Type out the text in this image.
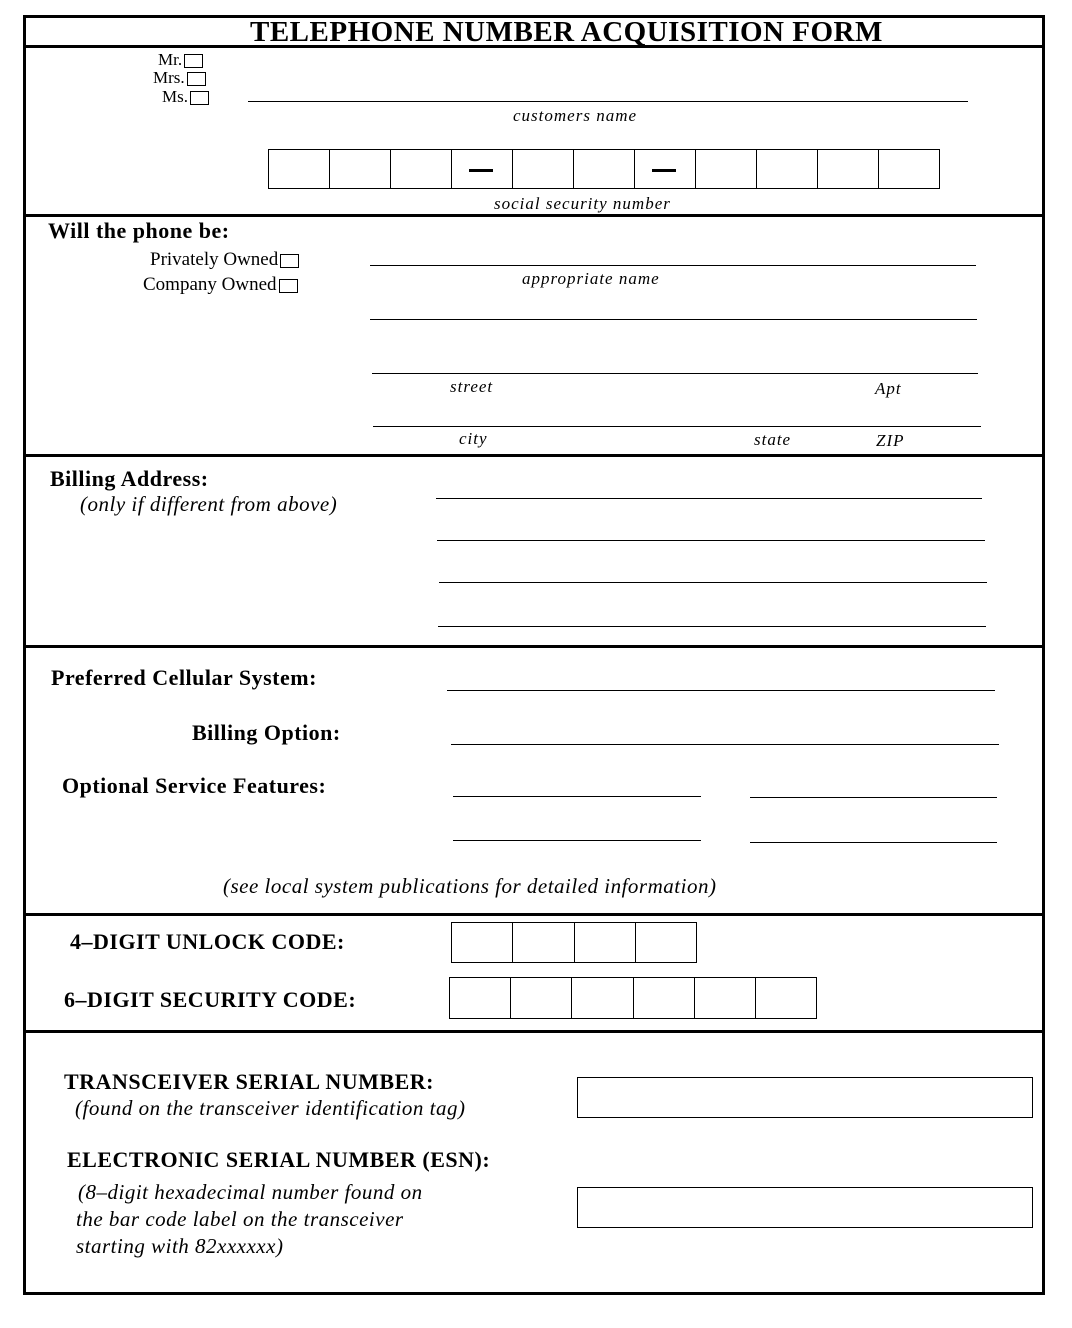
TELEPHONE NUMBER ACQUISITION FORM
Mr.
Mrs.
Ms.
customers name
social security number
Will the phone be:
Privately Owned
Company Owned	appropriate name
street	Apt
city	state	ZIP
Billing Address:
(only if different from above)
Preferred Cellular System:
Billing Option:
Optional Service Features:
(see local system publications for detailed information)
4–DIGIT UNLOCK CODE:
6–DIGIT SECURITY CODE:
TRANSCEIVER SERIAL NUMBER:
(found on the transceiver identification tag)
ELECTRONIC SERIAL NUMBER (ESN):
(8–digit hexadecimal number found on
the bar code label on the transceiver
starting with 82xxxxxx)
